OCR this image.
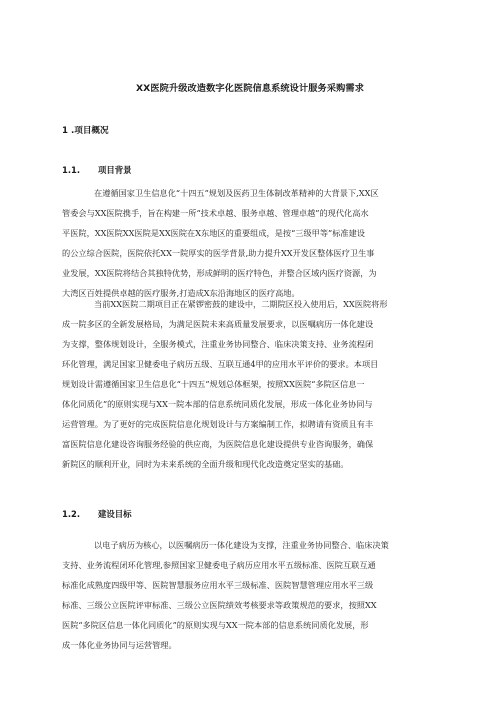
XX医院升级改造数字化医院信息系统设计服务采购需求
1 .项目概况
1.1. 项目背景
在遵循国家卫生信息化“十四五”规划及医药卫生体制改革精神的大背景下,XX区
管委会与XX医院携手，旨在构建一所“技术卓越、服务卓越、管理卓越”的现代化高水
平医院，XX医院XX医院是XX医院在X东地区的重要组成，是按“三级甲等”标准建设
的公立综合医院，医院依托XX一院厚实的医学背景,助力提升XX开发区整体医疗卫生事
业发展，XX医院将结合其独特优势，形成鲜明的医疗特色，并整合区域内医疗资源，为
大湾区百姓提供卓越的医疗服务,打造成X东沿海地区的医疗高地。
当前XX医院二期项目正在紧锣密鼓的建设中，二期院区投入使用后，XX医院将形
成一院多区的全新发展格局，为满足医院未来高质量发展要求，以医嘱病历一体化建设
为支撑，整体规划设计，全服务模式，注重业务协同整合、临床决策支持、业务流程闭
环化管理，满足国家卫健委电子病历五级、互联互通4甲的应用水平评价的要求。本项目
规划设计需遵循国家卫生信息化“十四五”规划总体框架，按照XX医院“多院区信息一
体化同质化”的原则实现与XX一院本部的信息系统同质化发展，形成一体化业务协同与
运营管理。为了更好的完成医院信息化规划设计与方案编制工作，拟聘请有资质且有丰
富医院信息化建设咨询服务经验的供应商，为医院信息化建设提供专业咨询服务，确保
新院区的顺利开业，同时为未来系统的全面升级和现代化改造奠定坚实的基础。
1.2. 建设目标
以电子病历为核心，以医嘱病历一体化建设为支撑，注重业务协同整合、临床决策
支持、业务流程闭环化管理,参照国家卫健委电子病历应用水平五级标准、医院互联互通
标准化成熟度四级甲等、医院智慧服务应用水平三级标准、医院智慧管理应用水平三级
标准、三级公立医院评审标准、三级公立医院绩效考核要求等政策规范的要求，按照XX
医院“多院区信息一体化同质化”的原则实现与XX一院本部的信息系统同质化发展，形
成一体化业务协同与运营管理。
